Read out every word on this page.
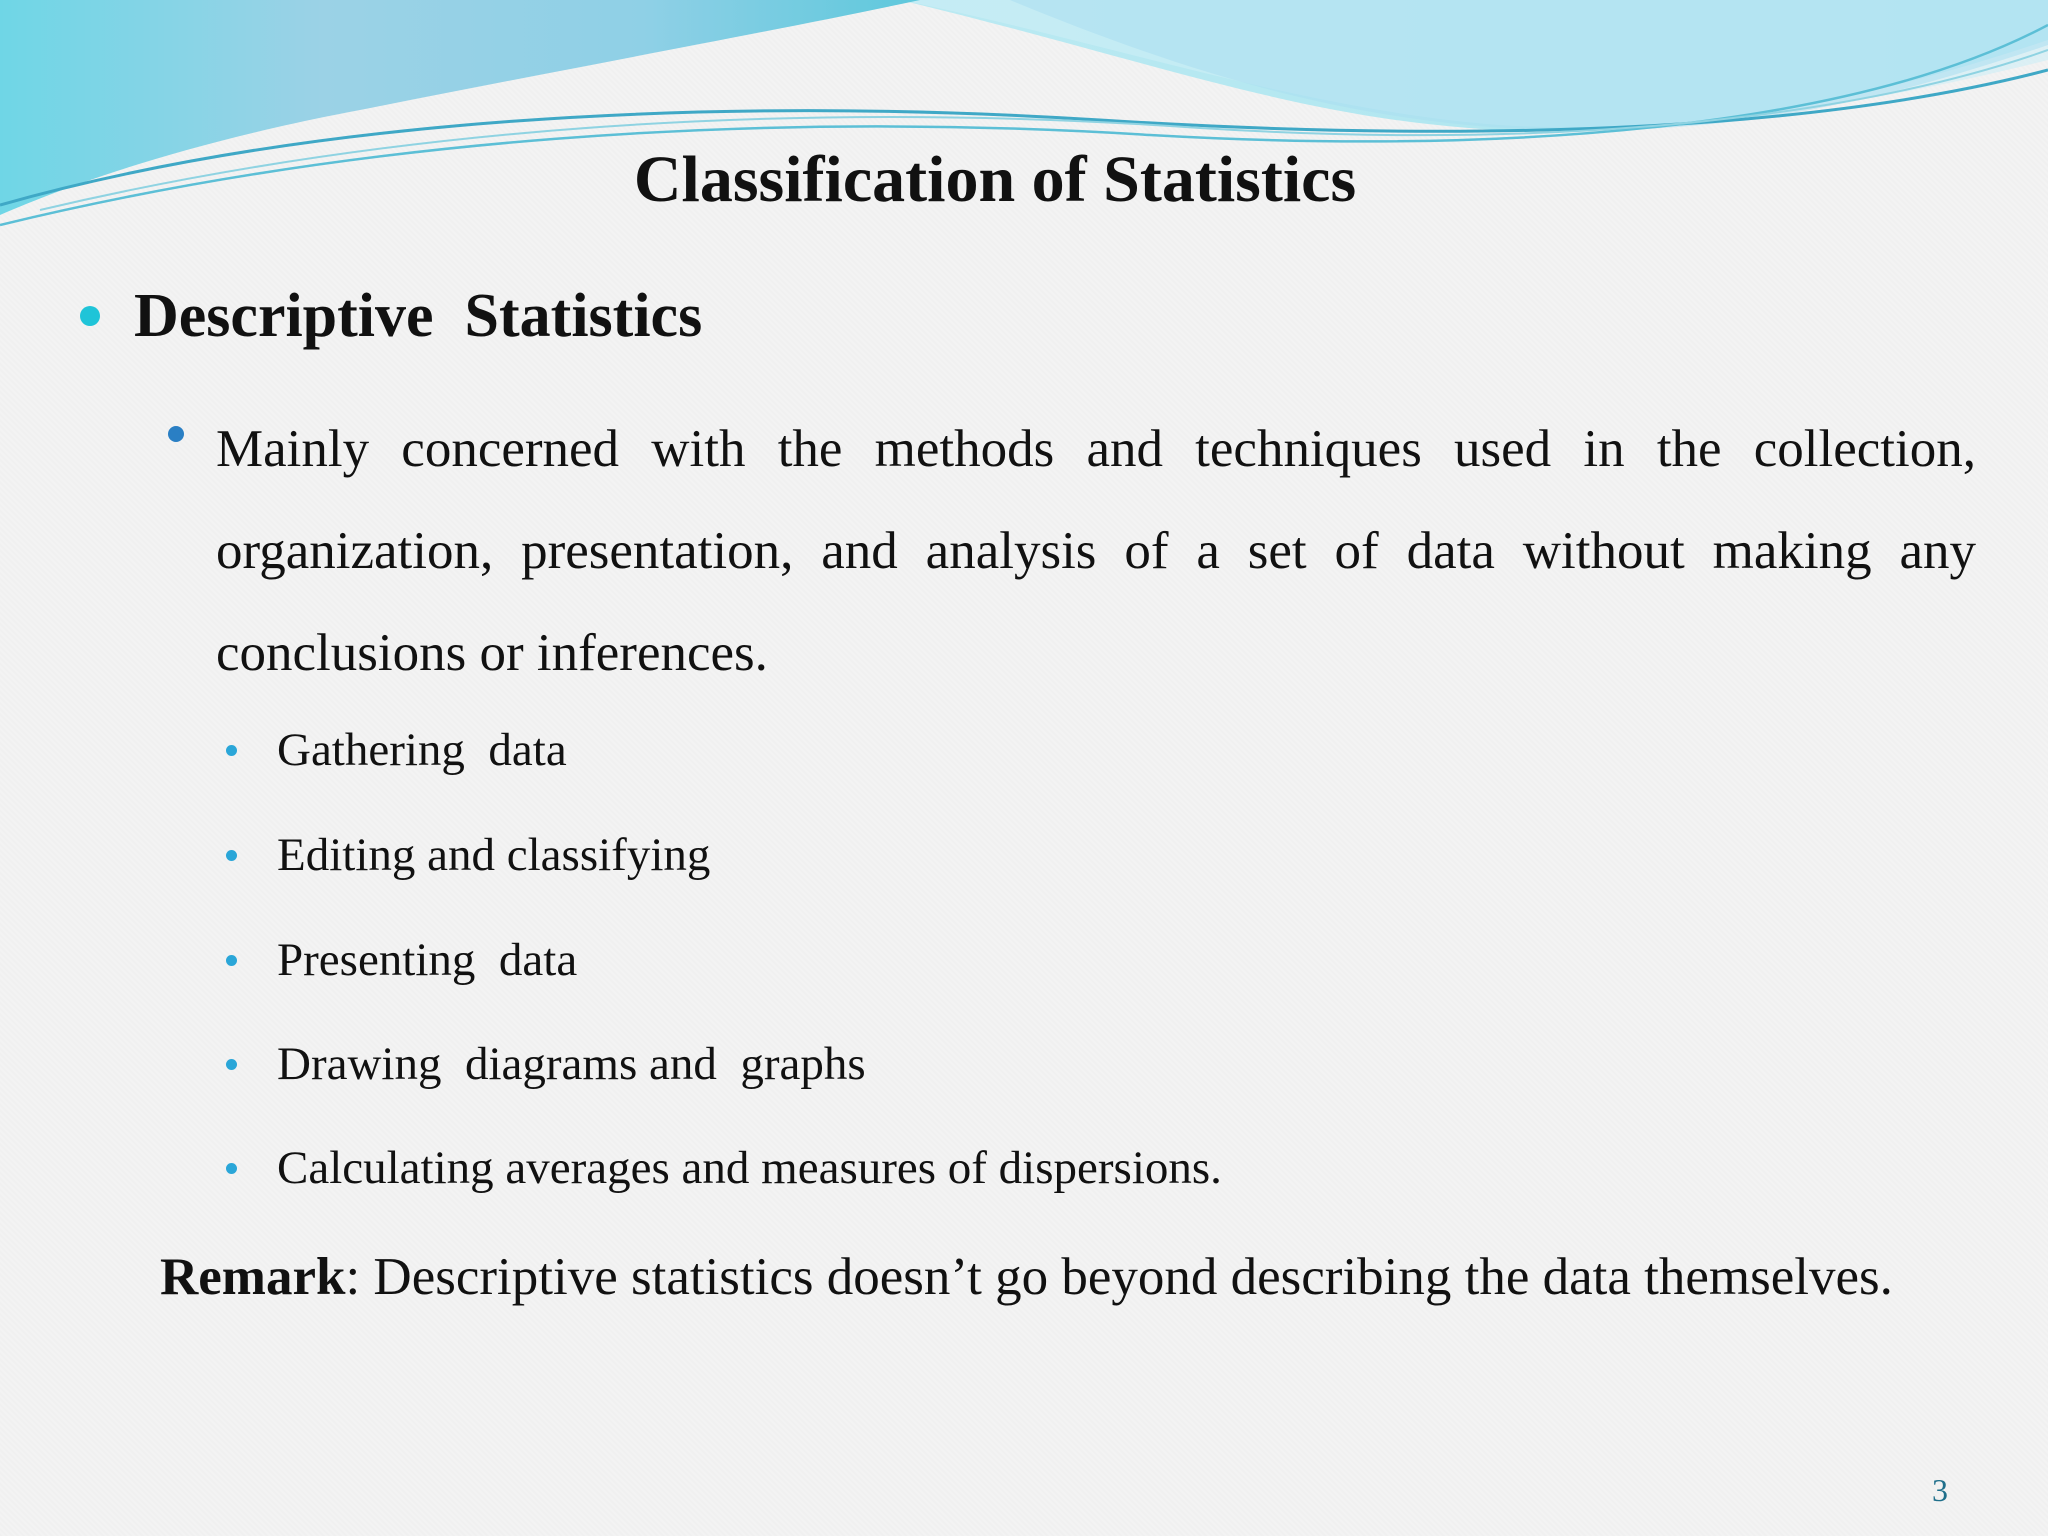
Classification of Statistics
Descriptive  Statistics
Mainly concerned with the methods and techniques used in the collection, organization, presentation, and analysis of a set of data without making any conclusions or inferences.
Gathering  data
Editing and classifying
Presenting  data
Drawing  diagrams and  graphs
Calculating averages and measures of dispersions.
Remark: Descriptive statistics doesn’t go beyond describing the data themselves.
3
